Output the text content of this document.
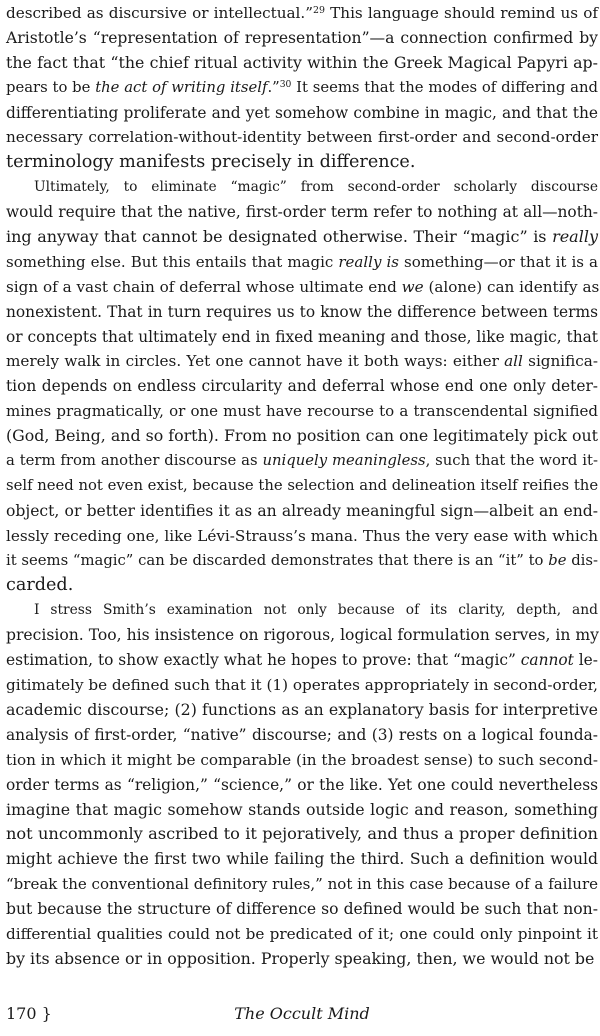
described as discursive or intellectual.”$^{29}$ This language should remind us of
Aristotle’s “representation of representation”—a connection confirmed by
the fact that “the chief ritual activity within the Greek Magical Papyri ap-
pears to be the act of writing itself.”$^{30}$ It seems that the modes of differing and
differentiating proliferate and yet somehow combine in magic, and that the
necessary correlation-without-identity between first-order and second-order
terminology manifests precisely in difference.

Ultimately, to eliminate “magic” from second-order scholarly discourse
would require that the native, first-order term refer to nothing at all—noth-
ing anyway that cannot be designated otherwise. Their “magic” is really
something else. But this entails that magic really is something—or that it is a
sign of a vast chain of deferral whose ultimate end we (alone) can identify as
nonexistent. That in turn requires us to know the difference between terms
or concepts that ultimately end in fixed meaning and those, like magic, that
merely walk in circles. Yet one cannot have it both ways: either all significa-
tion depends on endless circularity and deferral whose end one only deter-
mines pragmatically, or one must have recourse to a transcendental signified
(God, Being, and so forth). From no position can one legitimately pick out
a term from another discourse as uniquely meaningless, such that the word it-
self need not even exist, because the selection and delineation itself reifies the
object, or better identifies it as an already meaningful sign—albeit an end-
lessly receding one, like Lévi-Strauss’s mana. Thus the very ease with which
it seems “magic” can be discarded demonstrates that there is an “it” to be dis-
carded.

I stress Smith’s examination not only because of its clarity, depth, and
precision. Too, his insistence on rigorous, logical formulation serves, in my
estimation, to show exactly what he hopes to prove: that “magic” cannot le-
gitimately be defined such that it (1) operates appropriately in second-order,
academic discourse; (2) functions as an explanatory basis for interpretive
analysis of first-order, “native” discourse; and (3) rests on a logical founda-
tion in which it might be comparable (in the broadest sense) to such second-
order terms as “religion,” “science,” or the like. Yet one could nevertheless
imagine that magic somehow stands outside logic and reason, something
not uncommonly ascribed to it pejoratively, and thus a proper definition
might achieve the first two while failing the third. Such a definition would
“break the conventional definitory rules,” not in this case because of a failure
but because the structure of difference so defined would be such that non-
differential qualities could not be predicated of it; one could only pinpoint it
by its absence or in opposition. Properly speaking, then, we would not be

170 }	The Occult Mind
